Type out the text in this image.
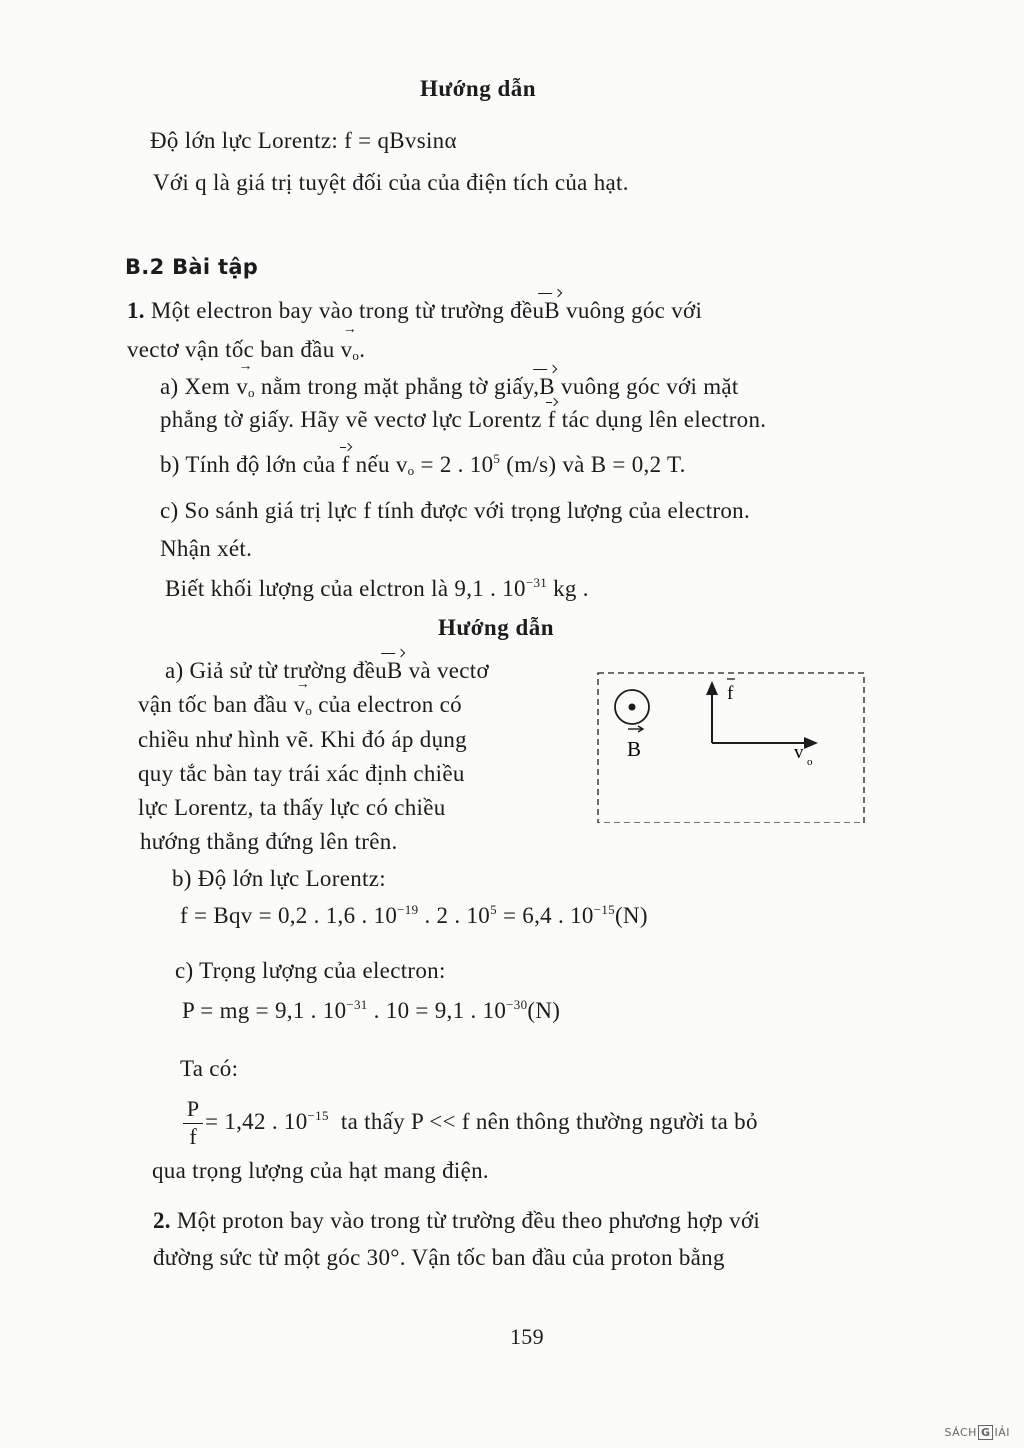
Hướng dẫn
Độ lớn lực Lorentz: f = qBvsinα
Với q là giá trị tuyệt đối của của điện tích của hạt.
B.2 Bài tập
1. Một electron bay vào trong từ trường đềuB vuông góc với
vectơ vận tốc ban đầu → $v_o$.
a) Xem → $v_o$ nằm trong mặt phẳng tờ giấy,B vuông góc với mặt
phẳng tờ giấy. Hãy vẽ vectơ lực Lorentz f tác dụng lên electron.
b) Tính độ lớn của f nếu $v_o = 2$ . $10^5$ (m/s) và B = 0,2 T.
c) So sánh giá trị lực f tính được với trọng lượng của electron.
Nhận xét.
Biết khối lượng của elctron là 9,1 . $10^{-31}$ kg .
Hướng dẫn
a) Giả sử từ trường đềuB và vectơ
vận tốc ban đầu → $v_o$ của electron có
chiều như hình vẽ. Khi đó áp dụng
quy tắc bàn tay trái xác định chiều
lực Lorentz, ta thấy lực có chiều
hướng thẳng đứng lên trên.
B
f
v o
b) Độ lớn lực Lorentz:
f = Bqv = 0,2 . 1,6 . $10^{-19}$ . 2 . $10^5 = 6,4$ . $10^{-15}(N)$
c) Trọng lượng của electron:
P = mg = 9,1 . $10^{-31}$ . 10 = 9,1 . $10^{-30}(N)$
Ta có:
P
f
= 1,42 . $10^{-15}$ ta thấy P << f nên thông thường người ta bỏ
qua trọng lượng của hạt mang điện.
2. Một proton bay vào trong từ trường đều theo phương hợp với
đường sức từ một góc 30°. Vận tốc ban đầu của proton bằng
159
SÁCH G IẢI
